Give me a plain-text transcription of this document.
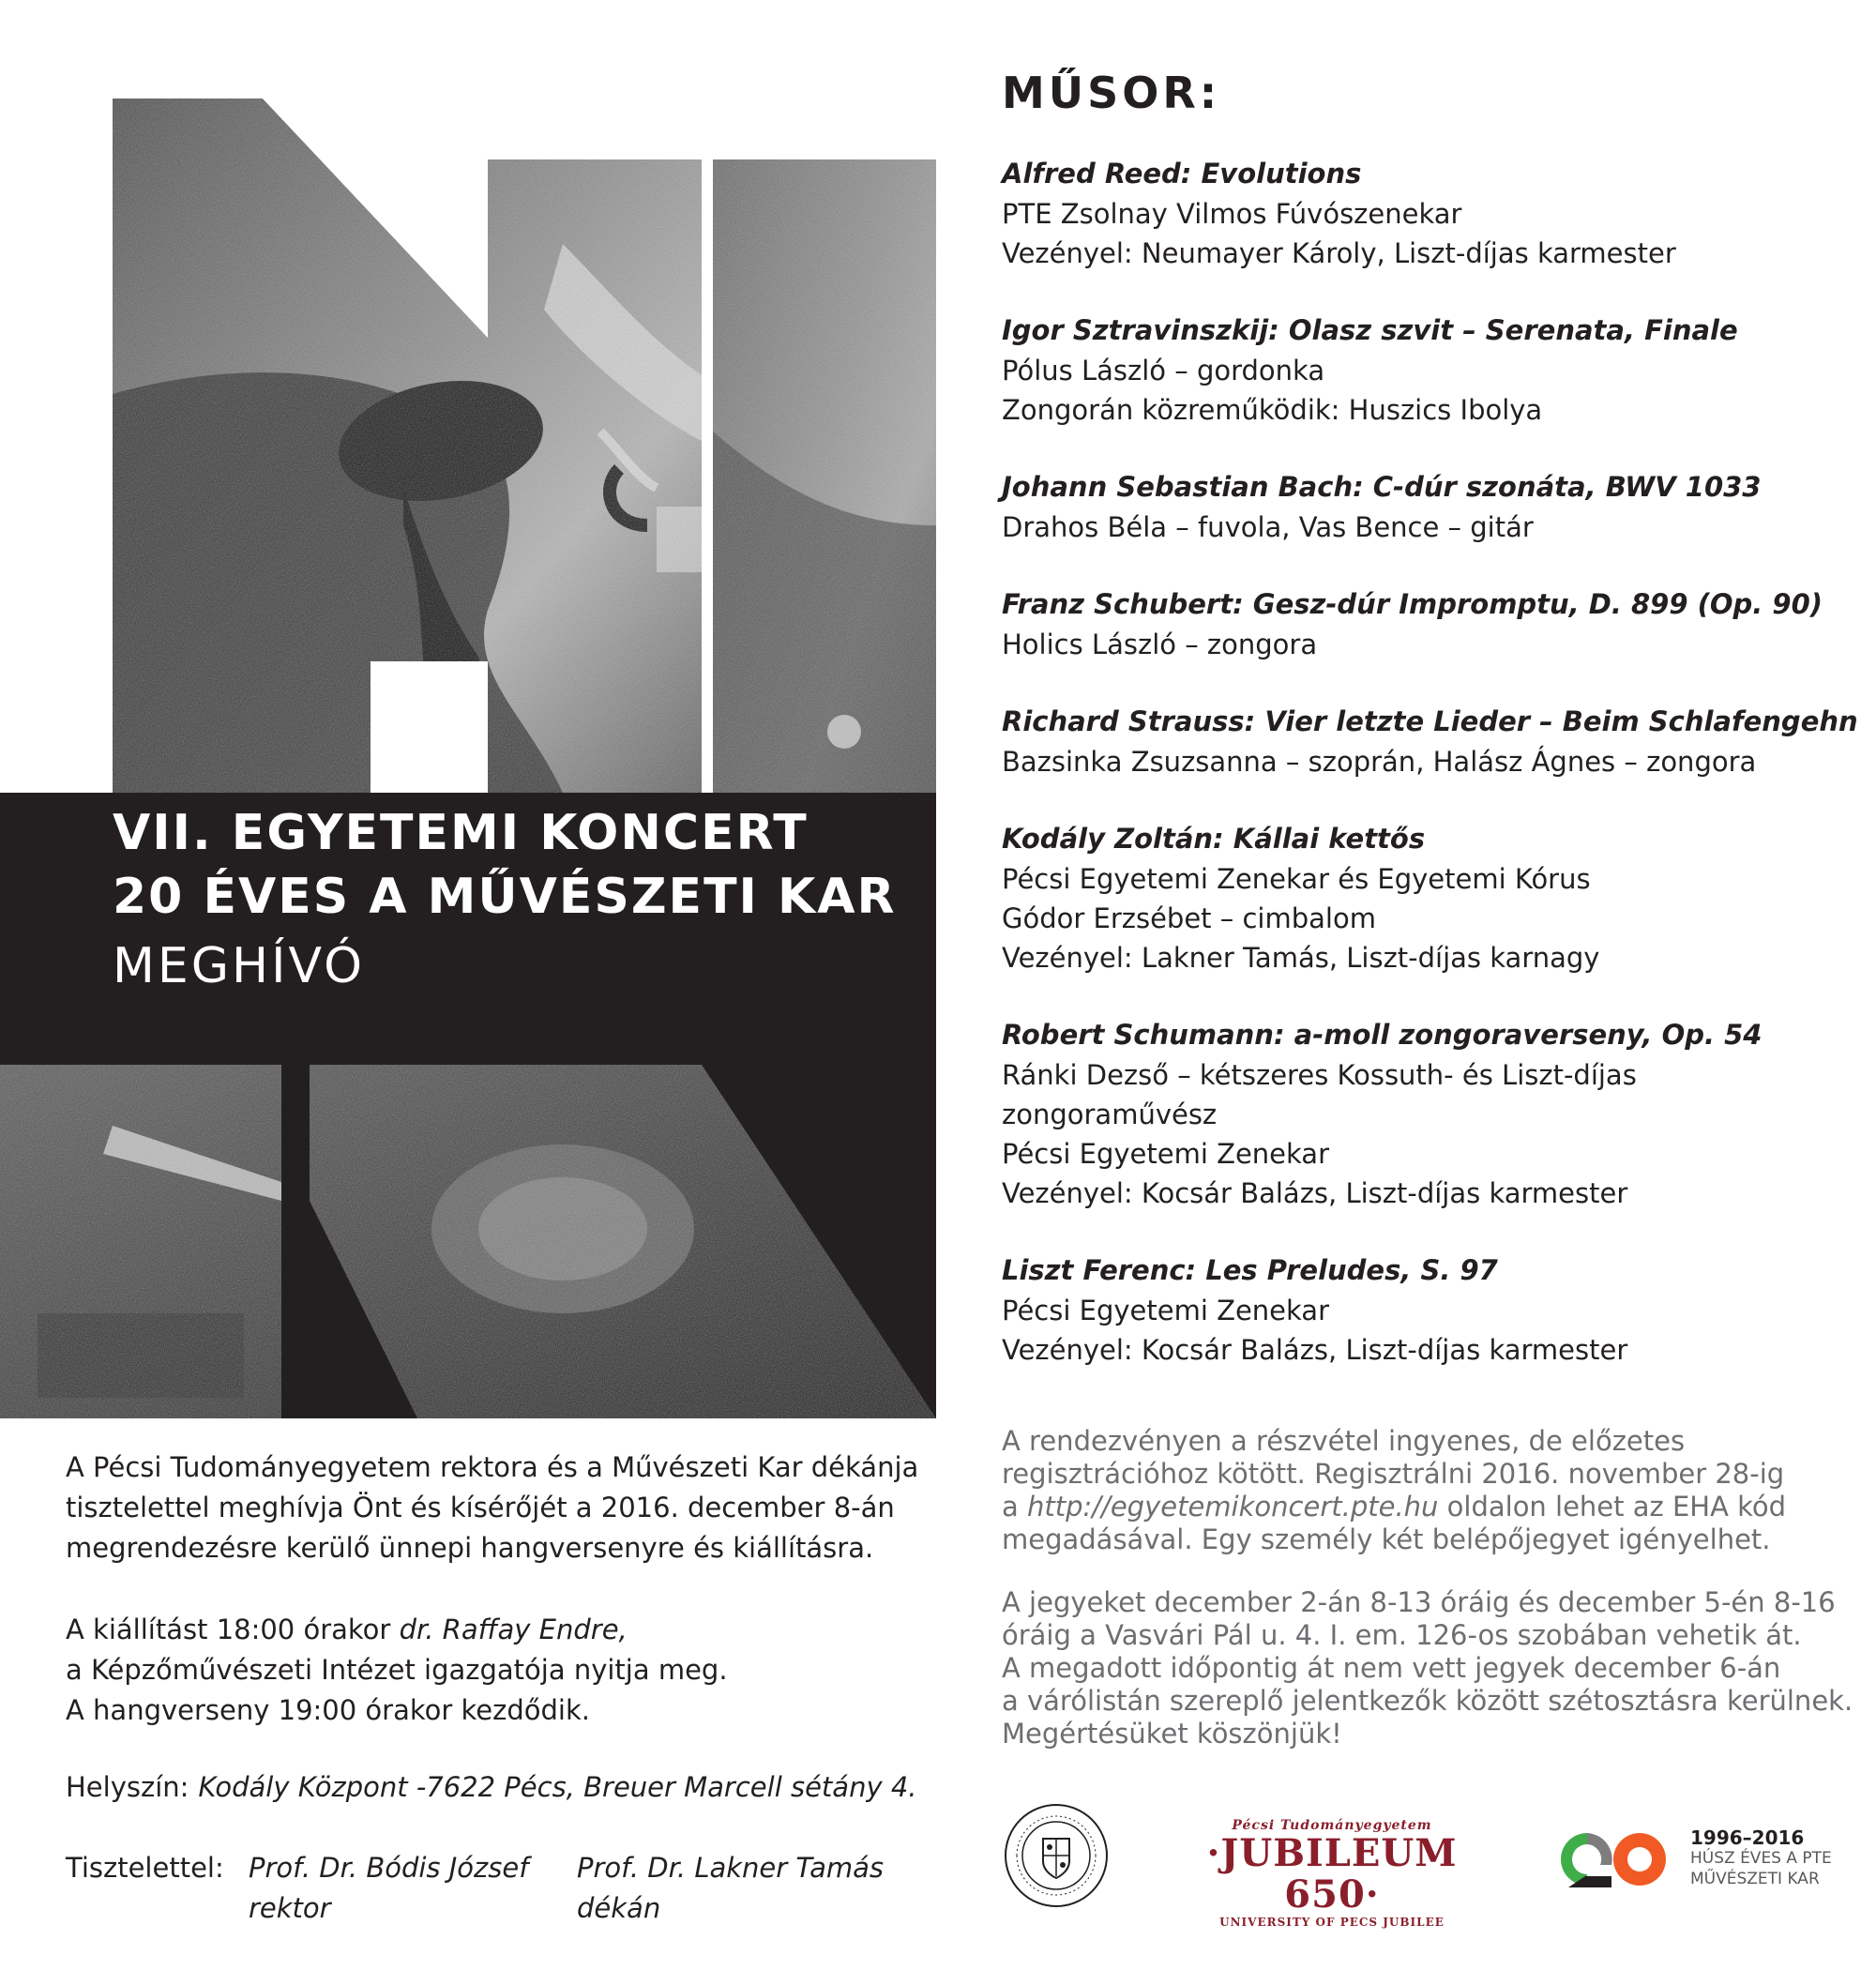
VII. EGYETEMI KONCERT
20 ÉVES A MŰVÉSZETI KAR
MEGHÍVÓ
A Pécsi Tudományegyetem rektora és a Művészeti Kar dékánja
tisztelettel meghívja Önt és kísérőjét a 2016. december 8-án
megrendezésre kerülő ünnepi hangversenyre és kiállításra.
A kiállítást 18:00 órakor dr. Raffay Endre,
a Képzőművészeti Intézet igazgatója nyitja meg.
A hangverseny 19:00 órakor kezdődik.
Helyszín: Kodály Központ -7622 Pécs, Breuer Marcell sétány 4.
Tisztelettel: Prof. Dr. Bódis József
rektor
Prof. Dr. Lakner Tamás
dékán
MŰSOR:
Alfred Reed: Evolutions
PTE Zsolnay Vilmos Fúvószenekar
Vezényel: Neumayer Károly, Liszt-díjas karmester
Igor Sztravinszkij: Olasz szvit – Serenata, Finale
Pólus László – gordonka
Zongorán közreműködik: Huszics Ibolya
Johann Sebastian Bach: C-dúr szonáta, BWV 1033
Drahos Béla – fuvola, Vas Bence – gitár
Franz Schubert: Gesz-dúr Impromptu, D. 899 (Op. 90)
Holics László – zongora
Richard Strauss: Vier letzte Lieder – Beim Schlafengehn
Bazsinka Zsuzsanna – szoprán, Halász Ágnes – zongora
Kodály Zoltán: Kállai kettős
Pécsi Egyetemi Zenekar és Egyetemi Kórus
Gódor Erzsébet – cimbalom
Vezényel: Lakner Tamás, Liszt-díjas karnagy
Robert Schumann: a-moll zongoraverseny, Op. 54
Ránki Dezső – kétszeres Kossuth- és Liszt-díjas
zongoraművész
Pécsi Egyetemi Zenekar
Vezényel: Kocsár Balázs, Liszt-díjas karmester
Liszt Ferenc: Les Preludes, S. 97
Pécsi Egyetemi Zenekar
Vezényel: Kocsár Balázs, Liszt-díjas karmester
A rendezvényen a részvétel ingyenes, de előzetes
regisztrációhoz kötött. Regisztrálni 2016. november 28-ig
a http://egyetemikoncert.pte.hu oldalon lehet az EHA kód
megadásával. Egy személy két belépőjegyet igényelhet.
A jegyeket december 2-án 8-13 óráig és december 5-én 8-16
óráig a Vasvári Pál u. 4. I. em. 126-os szobában vehetik át.
A megadott időpontig át nem vett jegyek december 6-án
a várólistán szereplő jelentkezők között szétosztásra kerülnek.
Megértésüket köszönjük!
Pécsi Tudományegyetem
·JUBILEUM 650·
UNIVERSITY OF PECS JUBILEE
1996–2016
HÚSZ ÉVES A PTE
MŰVÉSZETI KAR
